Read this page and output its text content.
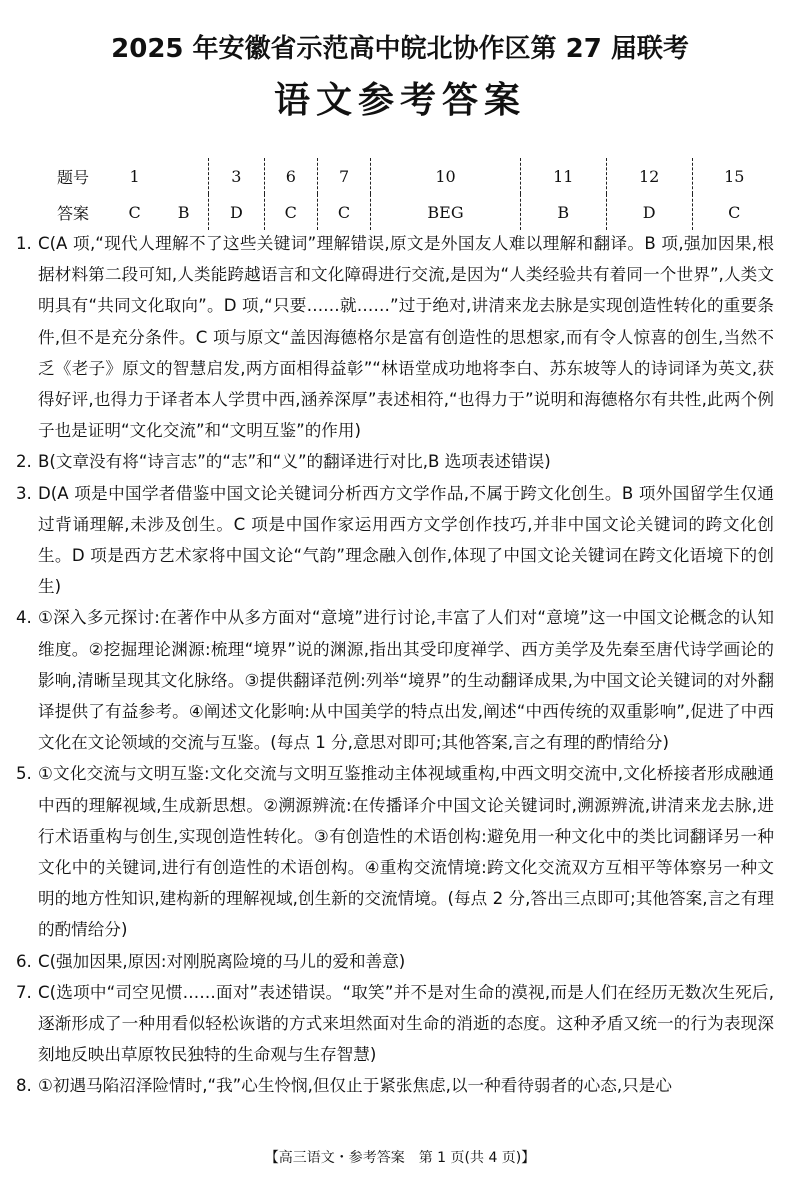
2025 年安徽省示范高中皖北协作区第 27 届联考
语文参考答案
题号	1		3	6	7	10	11	12	15
答案	C	B	D	C	C	BEG	B	D	C

1. C(A 项,“现代人理解不了这些关键词”理解错误,原文是外国友人难以理解和翻译。B 项,强加因果,根据材料第二段可知,人类能跨越语言和文化障碍进行交流,是因为“人类经验共有着同一个世界”,人类文明具有“共同文化取向”。D 项,“只要……就……”过于绝对,讲清来龙去脉是实现创造性转化的重要条件,但不是充分条件。C 项与原文“盖因海德格尔是富有创造性的思想家,而有令人惊喜的创生,当然不乏《老子》原文的智慧启发,两方面相得益彰”“林语堂成功地将李白、苏东坡等人的诗词译为英文,获得好评,也得力于译者本人学贯中西,涵养深厚”表述相符,“也得力于”说明和海德格尔有共性,此两个例子也是证明“文化交流”和“文明互鉴”的作用)

2. B(文章没有将“诗言志”的“志”和“义”的翻译进行对比,B 选项表述错误)

3. D(A 项是中国学者借鉴中国文论关键词分析西方文学作品,不属于跨文化创生。B 项外国留学生仅通过背诵理解,未涉及创生。C 项是中国作家运用西方文学创作技巧,并非中国文论关键词的跨文化创生。D 项是西方艺术家将中国文论“气韵”理念融入创作,体现了中国文论关键词在跨文化语境下的创生)

4. ①深入多元探讨:在著作中从多方面对“意境”进行讨论,丰富了人们对“意境”这一中国文论概念的认知维度。②挖掘理论渊源:梳理“境界”说的渊源,指出其受印度禅学、西方美学及先秦至唐代诗学画论的影响,清晰呈现其文化脉络。③提供翻译范例:列举“境界”的生动翻译成果,为中国文论关键词的对外翻译提供了有益参考。④阐述文化影响:从中国美学的特点出发,阐述“中西传统的双重影响”,促进了中西文化在文论领域的交流与互鉴。(每点 1 分,意思对即可;其他答案,言之有理的酌情给分)

5. ①文化交流与文明互鉴:文化交流与文明互鉴推动主体视域重构,中西文明交流中,文化桥接者形成融通中西的理解视域,生成新思想。②溯源辨流:在传播译介中国文论关键词时,溯源辨流,讲清来龙去脉,进行术语重构与创生,实现创造性转化。③有创造性的术语创构:避免用一种文化中的类比词翻译另一种文化中的关键词,进行有创造性的术语创构。④重构交流情境:跨文化交流双方互相平等体察另一种文明的地方性知识,建构新的理解视域,创生新的交流情境。(每点 2 分,答出三点即可;其他答案,言之有理的酌情给分)

6. C(强加因果,原因:对刚脱离险境的马儿的爱和善意)

7. C(选项中“司空见惯……面对”表述错误。“取笑”并不是对生命的漠视,而是人们在经历无数次生死后,逐渐形成了一种用看似轻松诙谐的方式来坦然面对生命的消逝的态度。这种矛盾又统一的行为表现深刻地反映出草原牧民独特的生命观与生存智慧)

8. ①初遇马陷沼泽险情时,“我”心生怜悯,但仅止于紧张焦虑,以一种看待弱者的心态,只是心

【高三语文・参考答案　第 1 页(共 4 页)】
